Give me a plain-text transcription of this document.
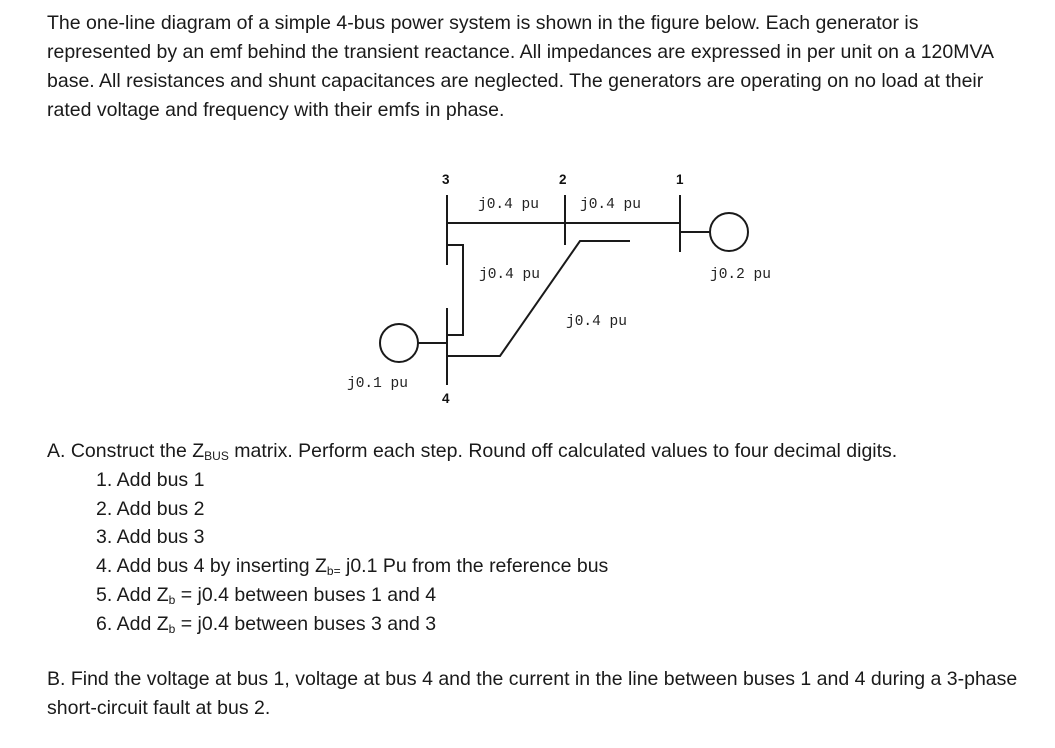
The one-line diagram of a simple 4-bus power system is shown in the figure below. Each generator is represented by an emf behind the transient reactance. All impedances are expressed in per unit on a 120MVA base. All resistances and shunt capacitances are neglected. The generators are operating on no load at their rated voltage and frequency with their emfs in phase.

3	2	1
4
j0.4 pu	j0.4 pu
j0.4 pu	j0.2 pu
j0.4 pu
j0.1 pu

A. Construct the $Z_{BUS}$ matrix. Perform each step. Round off calculated values to four decimal digits.

1. Add bus 1
2. Add bus 2
3. Add bus 3
4. Add bus 4 by inserting $Z_{b=}$ j0.1 Pu from the reference bus
5. Add $Z_b = j0.4$ between buses 1 and 4
6. Add $Z_b = j0.4$ between buses 3 and 3

B. Find the voltage at bus 1, voltage at bus 4 and the current in the line between buses 1 and 4 during a 3-phase short-circuit fault at bus 2.
